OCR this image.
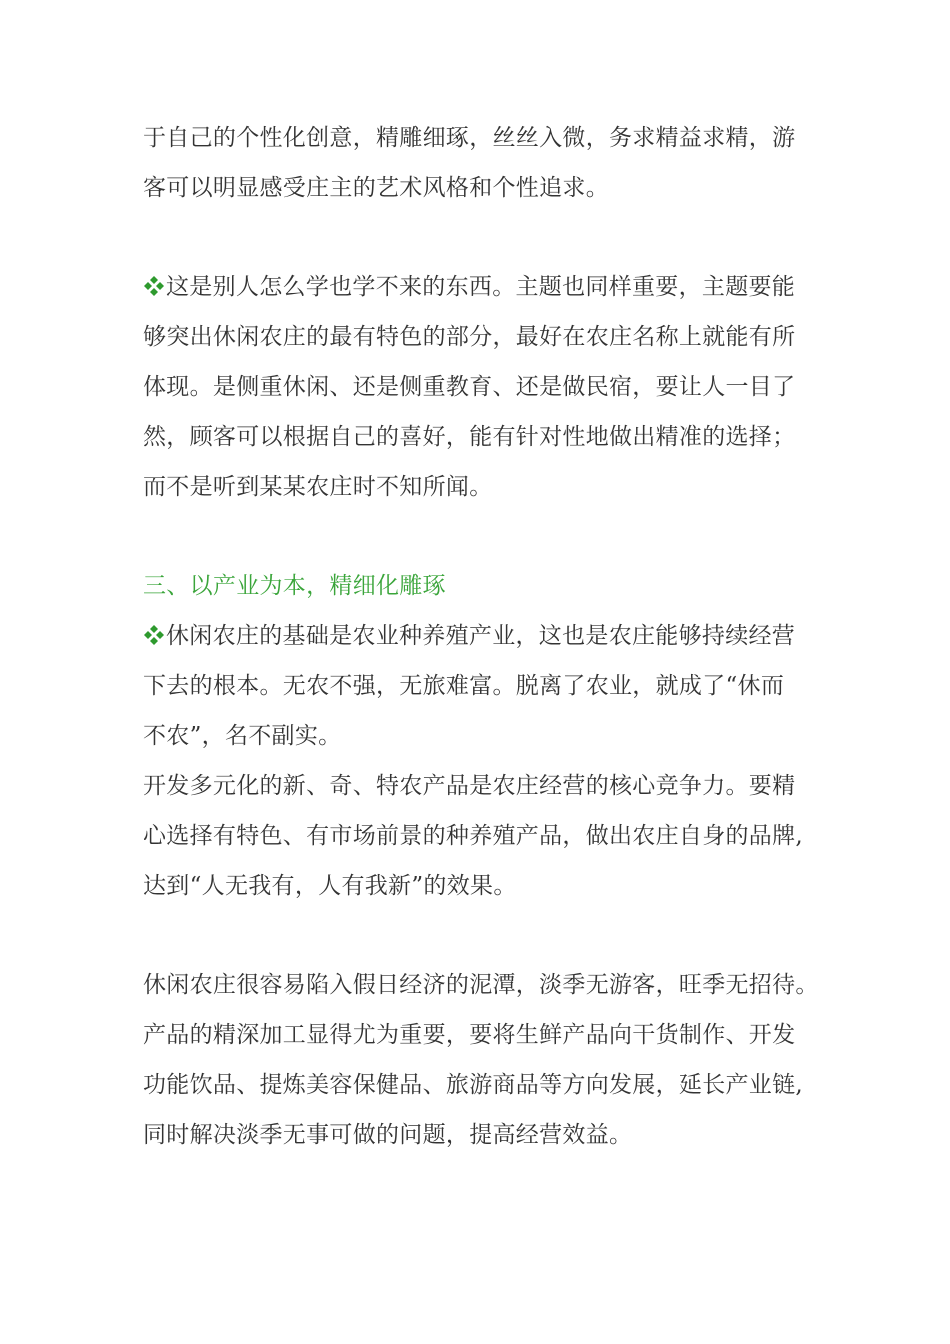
于自己的个性化创意，精雕细琢，丝丝入微，务求精益求精，游
客可以明显感受庄主的艺术风格和个性追求。
这是别人怎么学也学不来的东西。主题也同样重要，主题要能
够突出休闲农庄的最有特色的部分，最好在农庄名称上就能有所
体现。是侧重休闲、还是侧重教育、还是做民宿，要让人一目了
然，顾客可以根据自己的喜好，能有针对性地做出精准的选择；
而不是听到某某农庄时不知所闻。
三、以产业为本，精细化雕琢
休闲农庄的基础是农业种养殖产业，这也是农庄能够持续经营
下去的根本。无农不强，无旅难富。脱离了农业，就成了“休而
不农”，名不副实。
开发多元化的新、奇、特农产品是农庄经营的核心竞争力。要精
心选择有特色、有市场前景的种养殖产品，做出农庄自身的品牌,
达到“人无我有，人有我新”的效果。
休闲农庄很容易陷入假日经济的泥潭，淡季无游客，旺季无招待。
产品的精深加工显得尤为重要，要将生鲜产品向干货制作、开发
功能饮品、提炼美容保健品、旅游商品等方向发展，延长产业链,
同时解决淡季无事可做的问题，提高经营效益。
